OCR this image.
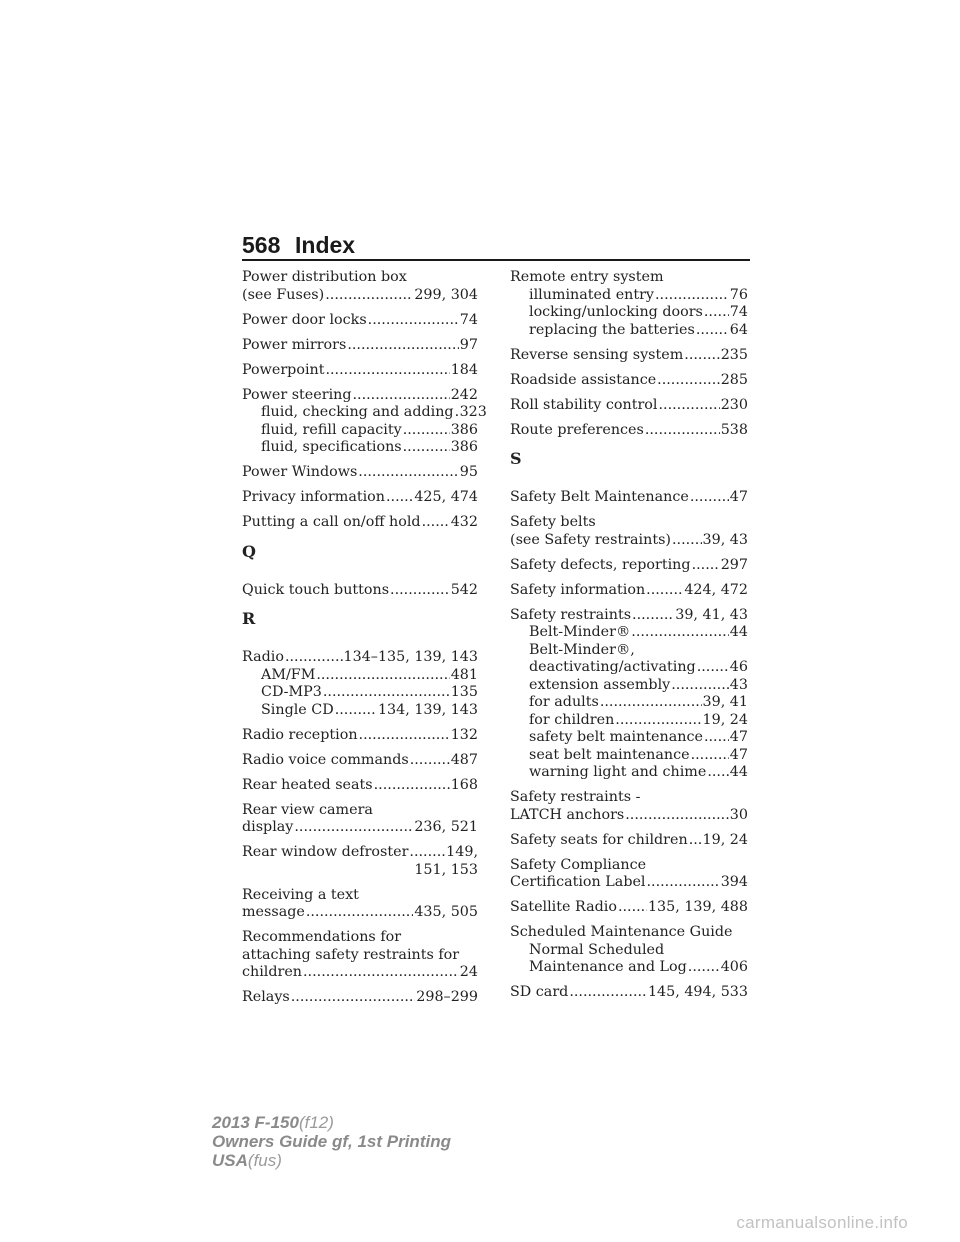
568 Index
Power distribution box
(see Fuses) .....	299, 304
Power door locks .....	74
Power mirrors .....	97
Powerpoint .....	184
Power steering .....	242
fluid, checking and adding ..... 323
fluid, refill capacity .....	386
fluid, specifications .....	386
Power Windows .....	95
Privacy information ..... 425, 474
Putting a call on/off hold ..... 432
Q
Quick touch buttons .....	542
R
Radio .....	134–135, 139, 143
AM/FM .....	481
CD-MP3 .....	135
Single CD .....	134, 139, 143
Radio reception .....	132
Radio voice commands .....	487
Rear heated seats .....	168
Rear view camera
display .....	236, 521
Rear window defroster .....	149,
151, 153
Receiving a text
message .....	435, 505
Recommendations for
attaching safety restraints for
children .....	24
Relays .....	298–299
Remote entry system
illuminated entry .....	76
locking/unlocking doors ..... 74
replacing the batteries ..... 64
Reverse sensing system .....	235
Roadside assistance .....	285
Roll stability control .....	230
Route preferences .....	538
S
Safety Belt Maintenance .....	47
Safety belts
(see Safety restraints) ..... 39, 43
Safety defects, reporting ..... 297
Safety information .....	424, 472
Safety restraints .....	39, 41, 43
Belt-Minder® .....	44
Belt-Minder®,
deactivating/activating ..... 46
extension assembly .....	43
for adults .....	39, 41
for children .....	19, 24
safety belt maintenance ..... 47
seat belt maintenance .....	47
warning light and chime ..... 44
Safety restraints -
LATCH anchors .....	30
Safety seats for children ..... 19, 24
Safety Compliance
Certification Label .....	394
Satellite Radio ..... 135, 139, 488
Scheduled Maintenance Guide
Normal Scheduled
Maintenance and Log ..... 406
SD card .....	145, 494, 533
2013 F-150(f12)
Owners Guide gf, 1st Printing
USA(fus)
carmanualsonline.info
